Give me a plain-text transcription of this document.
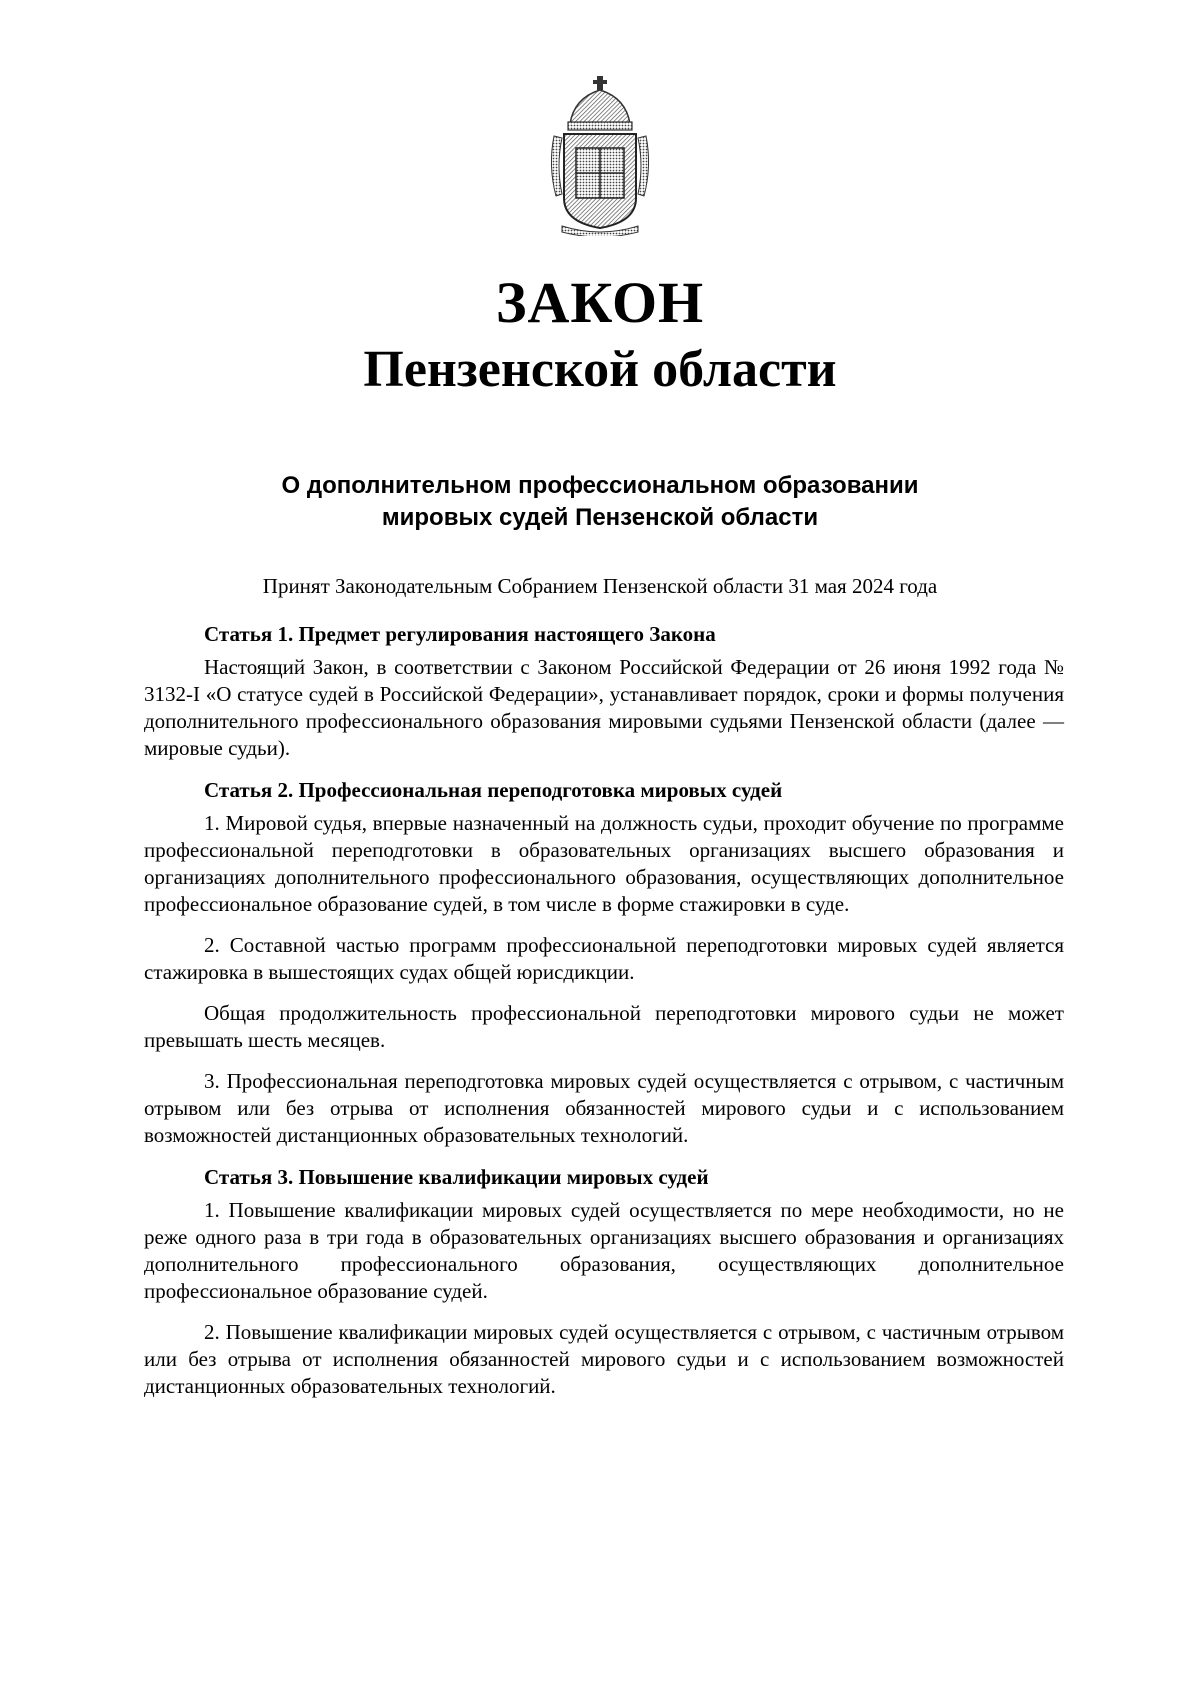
ЗАКОН
Пензенской области
О дополнительном профессиональном образовании
мировых судей Пензенской области

Принят Законодательным Собранием Пензенской области 31 мая 2024 года

Статья 1. Предмет регулирования настоящего Закона

Настоящий Закон, в соответствии с Законом Российской Федерации от 26 июня 1992 года № 3132-I «О статусе судей в Российской Федерации», устанавливает порядок, сроки и формы получения дополнительного профессионального образования мировыми судьями Пензенской области (далее — мировые судьи).

Статья 2. Профессиональная переподготовка мировых судей

1. Мировой судья, впервые назначенный на должность судьи, проходит обучение по программе профессиональной переподготовки в образовательных организациях высшего образования и организациях дополнительного профессионального образования, осуществляющих дополнительное профессиональное образование судей, в том числе в форме стажировки в суде.

2. Составной частью программ профессиональной переподготовки мировых судей является стажировка в вышестоящих судах общей юрисдикции.

Общая продолжительность профессиональной переподготовки мирового судьи не может превышать шесть месяцев.

3. Профессиональная переподготовка мировых судей осуществляется с отрывом, с частичным отрывом или без отрыва от исполнения обязанностей мирового судьи и с использованием возможностей дистанционных образовательных технологий.

Статья 3. Повышение квалификации мировых судей

1. Повышение квалификации мировых судей осуществляется по мере необходимости, но не реже одного раза в три года в образовательных организациях высшего образования и организациях дополнительного профессионального образования, осуществляющих дополнительное профессиональное образование судей.

2. Повышение квалификации мировых судей осуществляется с отрывом, с частичным отрывом или без отрыва от исполнения обязанностей мирового судьи и с использованием возможностей дистанционных образовательных технологий.
